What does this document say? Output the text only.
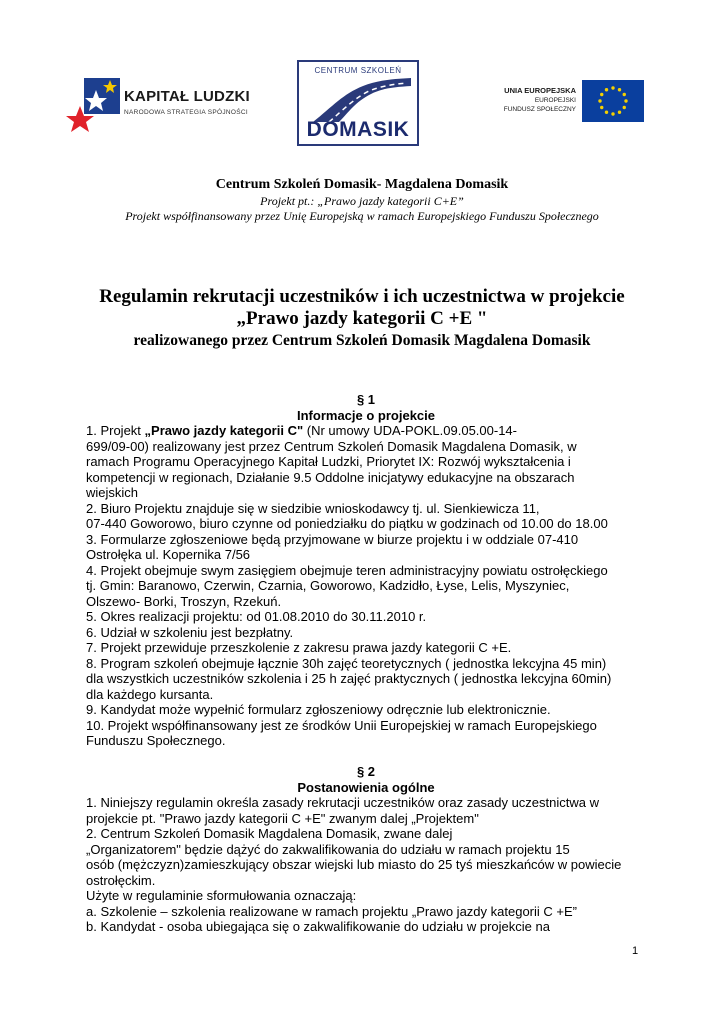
KAPITAŁ LUDZKI
NARODOWA STRATEGIA SPÓJNOŚCI
CENTRUM SZKOLEŃ
DOMASIK
UNIA EUROPEJSKA
EUROPEJSKI
FUNDUSZ SPOŁECZNY
Centrum Szkoleń Domasik- Magdalena Domasik
Projekt pt.: „Prawo jazdy kategorii C+E”
Projekt współfinansowany przez Unię Europejską w ramach Europejskiego Funduszu Społecznego
Regulamin rekrutacji uczestników i ich uczestnictwa w projekcie
„Prawo jazdy kategorii C +E "
realizowanego przez Centrum Szkoleń Domasik Magdalena Domasik
§ 1
Informacje o projekcie

1. Projekt „Prawo jazdy kategorii C" (Nr umowy UDA-POKL.09.05.00-14-

699/09-00) realizowany jest przez Centrum Szkoleń Domasik Magdalena Domasik, w

ramach Programu Operacyjnego Kapitał Ludzki, Priorytet IX: Rozwój wykształcenia i

kompetencji w regionach, Działanie 9.5 Oddolne inicjatywy edukacyjne na obszarach

wiejskich

2. Biuro Projektu znajduje się w siedzibie wnioskodawcy tj. ul. Sienkiewicza 11,

07-440 Goworowo, biuro czynne od poniedziałku do piątku w godzinach od 10.00 do 18.00

3. Formularze zgłoszeniowe będą przyjmowane w biurze projektu i w oddziale 07-410

Ostrołęka ul. Kopernika 7/56

4. Projekt obejmuje swym zasięgiem obejmuje teren administracyjny powiatu ostrołęckiego

tj. Gmin: Baranowo, Czerwin, Czarnia, Goworowo, Kadzidło, Łyse, Lelis, Myszyniec,

Olszewo- Borki, Troszyn, Rzekuń.

5. Okres realizacji projektu: od 01.08.2010 do 30.11.2010 r.

6. Udział w szkoleniu jest bezpłatny.

7. Projekt przewiduje przeszkolenie z zakresu prawa jazdy kategorii C +E.

8. Program szkoleń obejmuje łącznie 30h zajęć teoretycznych ( jednostka lekcyjna 45 min)

dla wszystkich uczestników szkolenia i 25 h zajęć praktycznych ( jednostka lekcyjna 60min)

dla każdego kursanta.

9. Kandydat może wypełnić formularz zgłoszeniowy odręcznie lub elektronicznie.

10. Projekt współfinansowany jest ze środków Unii Europejskiej w ramach Europejskiego

Funduszu Społecznego.

§ 2
Postanowienia ogólne

1. Niniejszy regulamin określa zasady rekrutacji uczestników oraz zasady uczestnictwa w

projekcie pt. "Prawo jazdy kategorii C +E" zwanym dalej „Projektem"

2. Centrum Szkoleń Domasik Magdalena Domasik, zwane dalej

„Organizatorem" będzie dążyć do zakwalifikowania do udziału w ramach projektu 15

osób (mężczyzn)zamieszkujący obszar wiejski lub miasto do 25 tyś mieszkańców w powiecie

ostrołęckim.

Użyte w regulaminie sformułowania oznaczają:

a. Szkolenie – szkolenia realizowane w ramach projektu „Prawo jazdy kategorii C +E”

b. Kandydat - osoba ubiegająca się o zakwalifikowanie do udziału w projekcie na

1
